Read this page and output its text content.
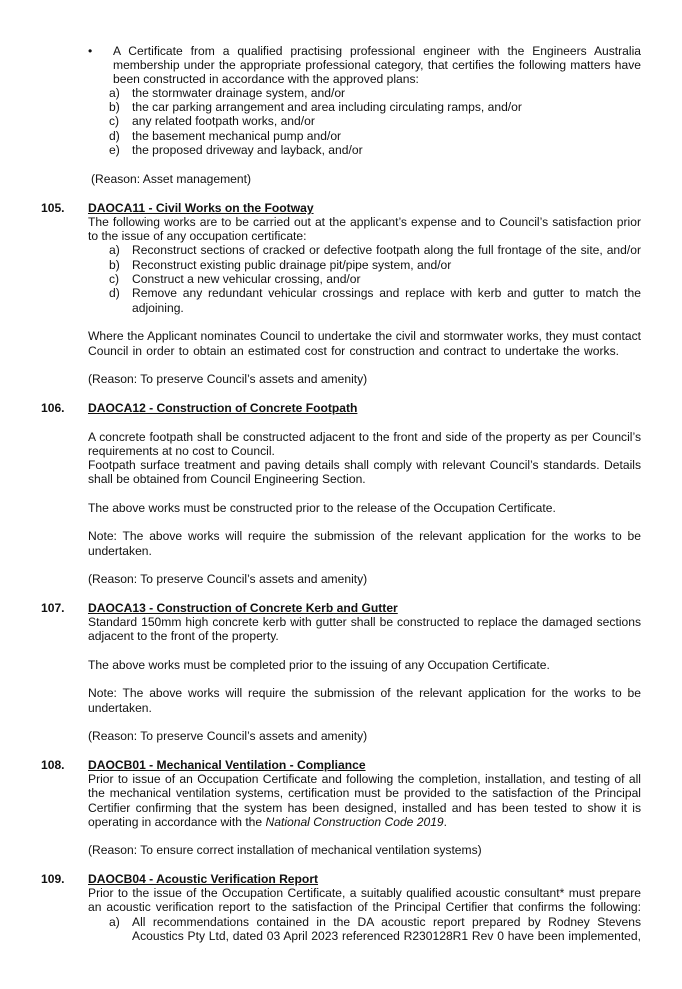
• A Certificate from a qualified practising professional engineer with the Engineers Australia
membership under the appropriate professional category, that certifies the following matters have
been constructed in accordance with the approved plans:
a) the stormwater drainage system, and/or
b) the car parking arrangement and area including circulating ramps, and/or
c) any related footpath works, and/or
d) the basement mechanical pump and/or
e) the proposed driveway and layback, and/or
(Reason: Asset management)
105. DAOCA11 - Civil Works on the Footway
The following works are to be carried out at the applicant’s expense and to Council’s satisfaction prior
to the issue of any occupation certificate:
a) Reconstruct sections of cracked or defective footpath along the full frontage of the site, and/or
b) Reconstruct existing public drainage pit/pipe system, and/or
c) Construct a new vehicular crossing, and/or
d) Remove any redundant vehicular crossings and replace with kerb and gutter to match the
adjoining.
Where the Applicant nominates Council to undertake the civil and stormwater works, they must contact
Council in order to obtain an estimated cost for construction and contract to undertake the works.
(Reason: To preserve Council’s assets and amenity)
106. DAOCA12 - Construction of Concrete Footpath
A concrete footpath shall be constructed adjacent to the front and side of the property as per Council’s
requirements at no cost to Council.
Footpath surface treatment and paving details shall comply with relevant Council’s standards. Details
shall be obtained from Council Engineering Section.
The above works must be constructed prior to the release of the Occupation Certificate.
Note: The above works will require the submission of the relevant application for the works to be
undertaken.
(Reason: To preserve Council’s assets and amenity)
107. DAOCA13 - Construction of Concrete Kerb and Gutter
Standard 150mm high concrete kerb with gutter shall be constructed to replace the damaged sections
adjacent to the front of the property.
The above works must be completed prior to the issuing of any Occupation Certificate.
Note: The above works will require the submission of the relevant application for the works to be
undertaken.
(Reason: To preserve Council’s assets and amenity)
108. DAOCB01 - Mechanical Ventilation - Compliance
Prior to issue of an Occupation Certificate and following the completion, installation, and testing of all
the mechanical ventilation systems, certification must be provided to the satisfaction of the Principal
Certifier confirming that the system has been designed, installed and has been tested to show it is
operating in accordance with the National Construction Code 2019.
(Reason: To ensure correct installation of mechanical ventilation systems)
109. DAOCB04 - Acoustic Verification Report
Prior to the issue of the Occupation Certificate, a suitably qualified acoustic consultant* must prepare
an acoustic verification report to the satisfaction of the Principal Certifier that confirms the following:
a) All recommendations contained in the DA acoustic report prepared by Rodney Stevens
Acoustics Pty Ltd, dated 03 April 2023 referenced R230128R1 Rev 0 have been implemented,
